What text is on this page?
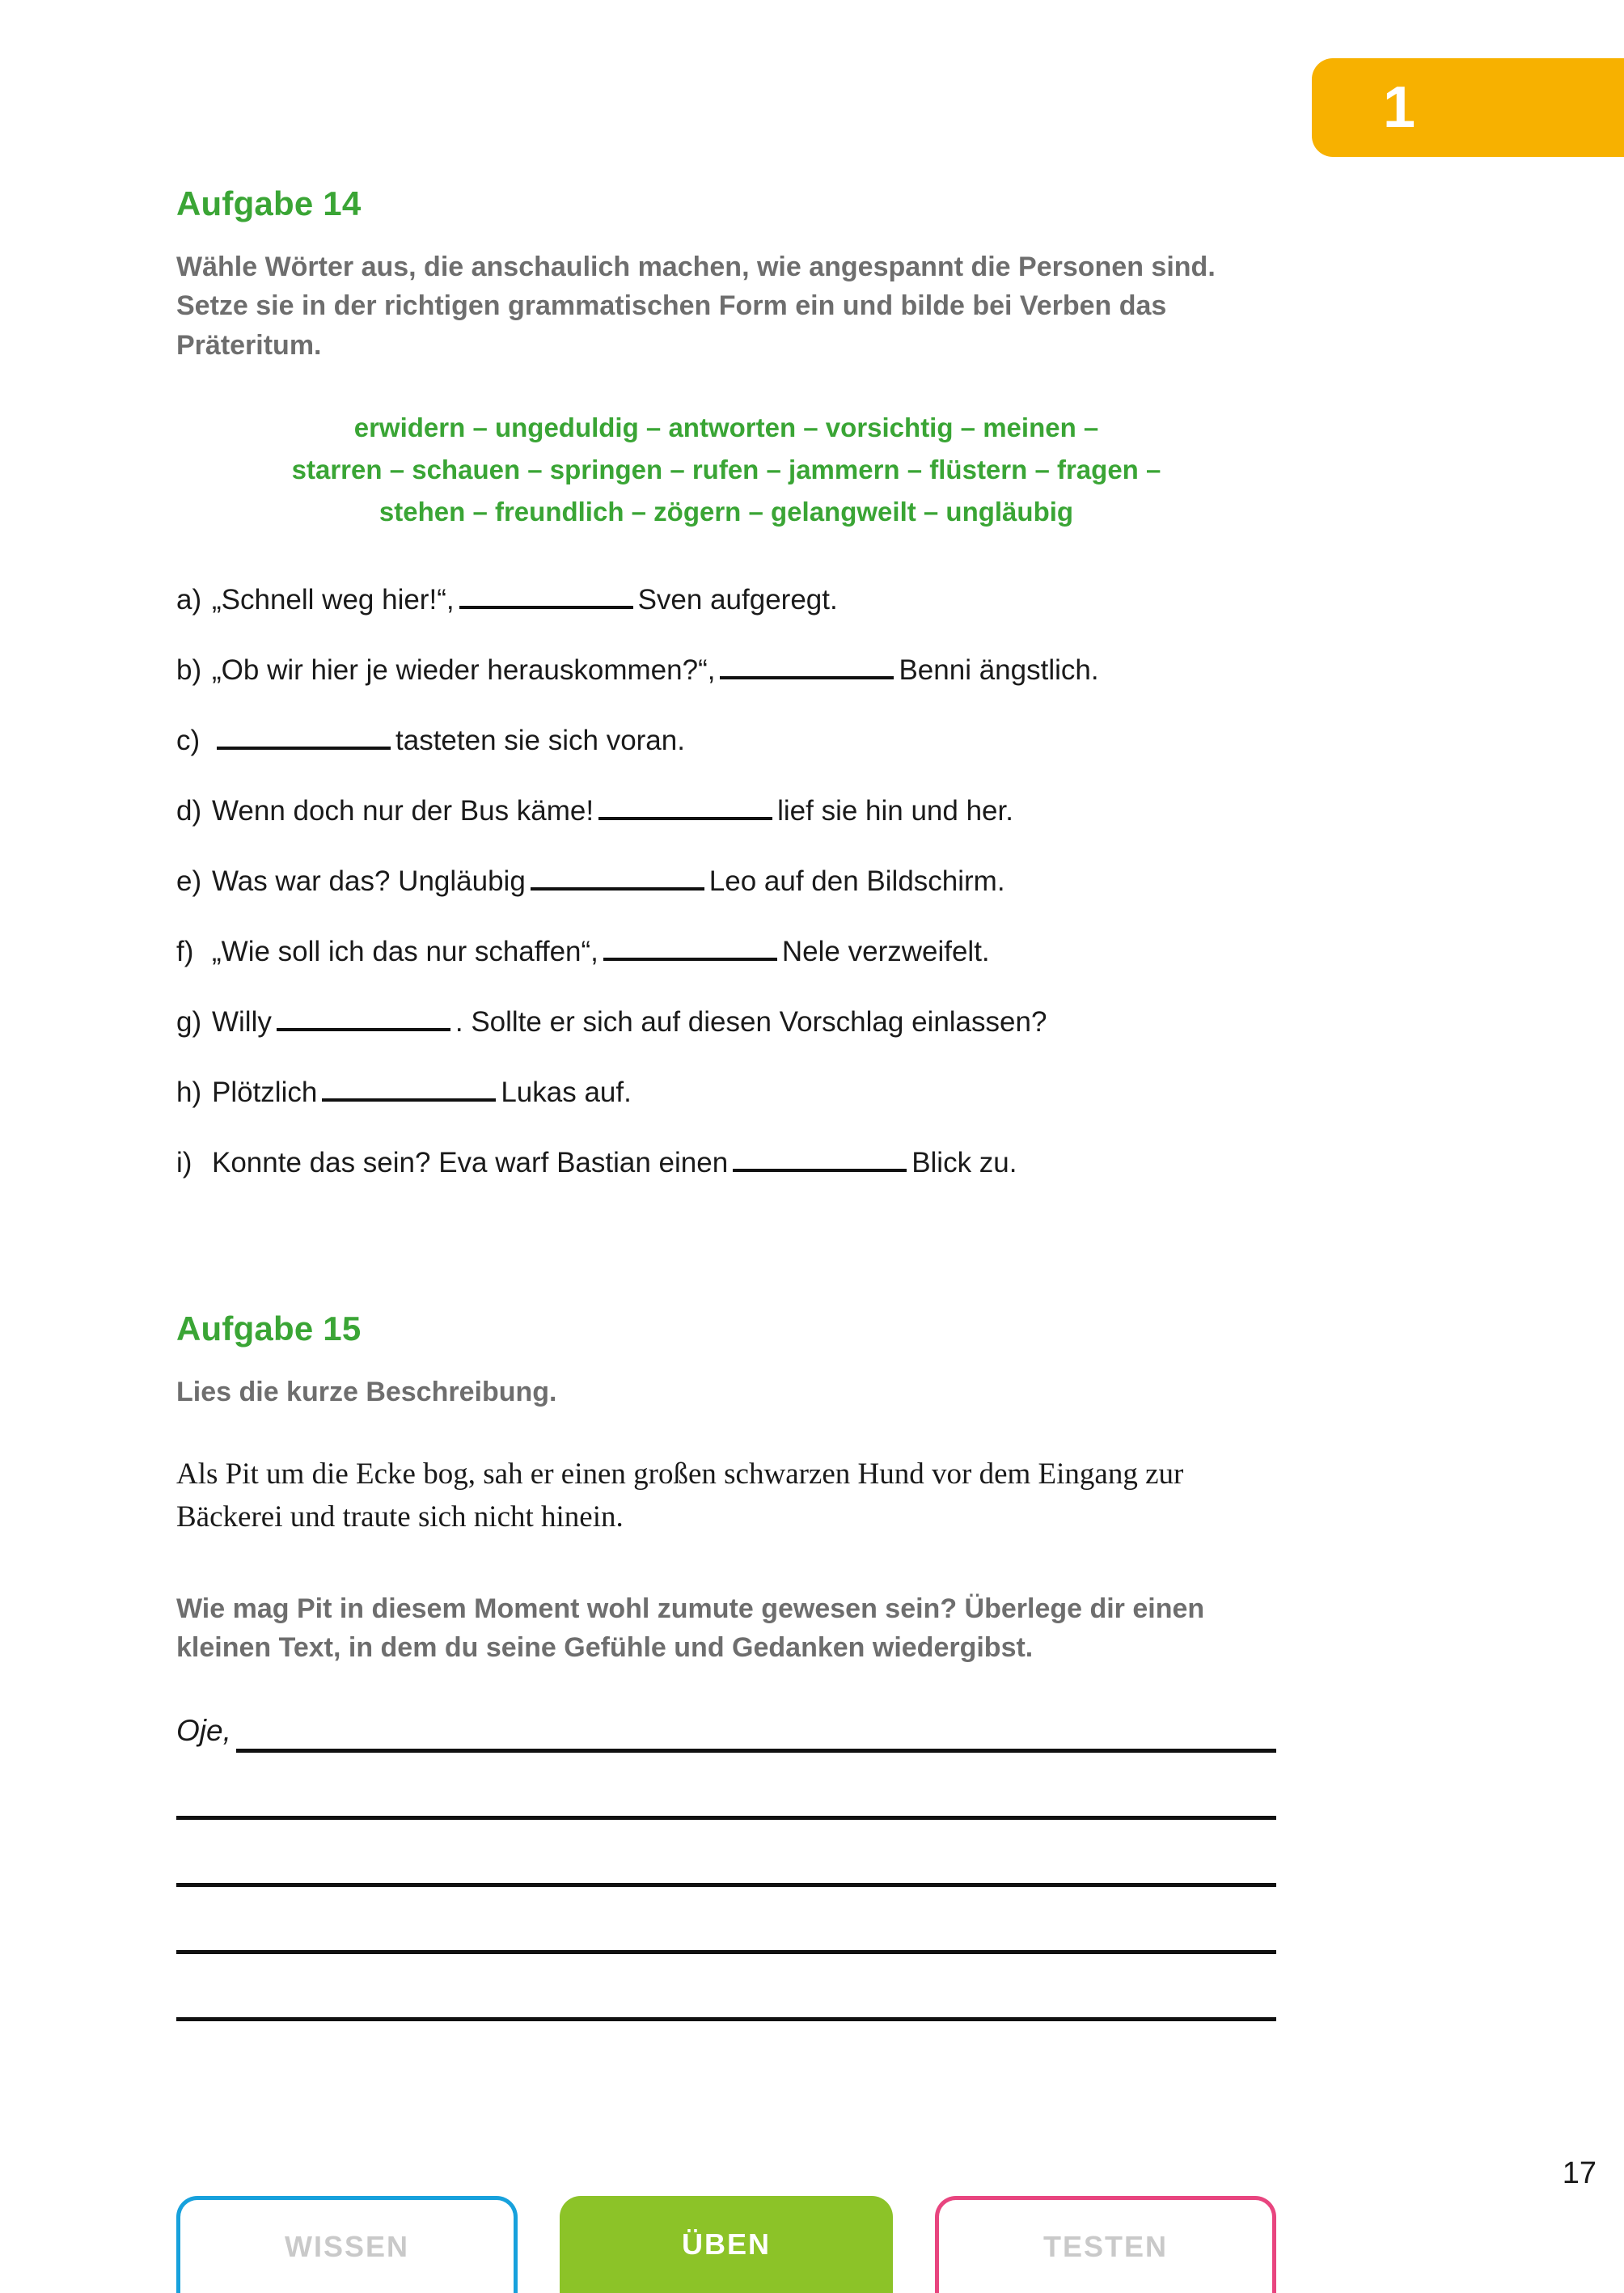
1
Aufgabe 14
Wähle Wörter aus, die anschaulich machen, wie angespannt die Personen sind. Setze sie in der richtigen grammatischen Form ein und bilde bei Verben das Präteritum.
erwidern – ungeduldig – antworten – vorsichtig – meinen –
starren – schauen – springen – rufen – jammern – flüstern – fragen –
stehen – freundlich – zögern – gelangweilt – ungläubig
a) „Schnell weg hier!“,	Sven aufgeregt.
b) „Ob wir hier je wieder herauskommen?“,	Benni ängstlich.
c)	tasteten sie sich voran.
d) Wenn doch nur der Bus käme!	lief sie hin und her.
e) Was war das? Ungläubig	Leo auf den Bildschirm.
f) „Wie soll ich das nur schaffen“,	Nele verzweifelt.
g) Willy	. Sollte er sich auf diesen Vorschlag einlassen?
h) Plötzlich	Lukas auf.
i) Konnte das sein? Eva warf Bastian einen	Blick zu.
Aufgabe 15
Lies die kurze Beschreibung.
Als Pit um die Ecke bog, sah er einen großen schwarzen Hund vor dem Eingang zur Bäckerei und traute sich nicht hinein.
Wie mag Pit in diesem Moment wohl zumute gewesen sein? Überlege dir einen kleinen Text, in dem du seine Gefühle und Gedanken wiedergibst.
Oje,
17
WISSEN	ÜBEN	TESTEN
